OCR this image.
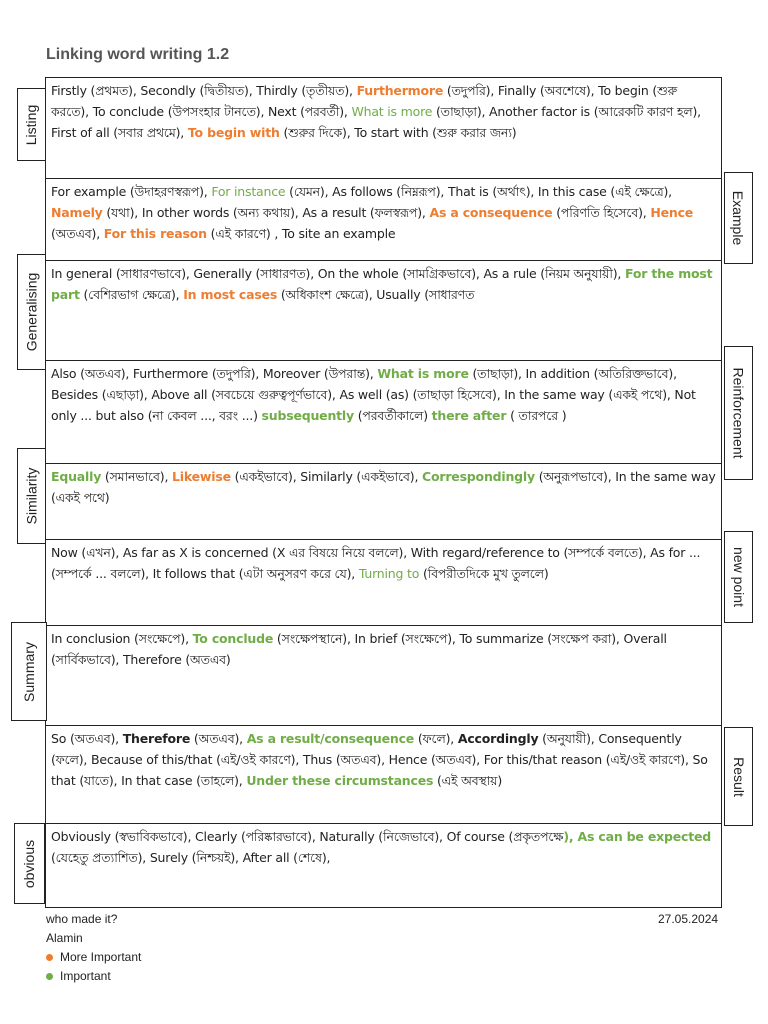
Linking word writing 1.2
Firstly (প্রথমত), Secondly (দ্বিতীয়ত), Thirdly (তৃতীয়ত), Furthermore (তদুপরি), Finally (অবশেষে), To begin (শুরু করতে), To conclude (উপসংহার টানতে), Next (পরবর্তী), What is more (তাছাড়া), Another factor is (আরেকটি কারণ হল), First of all (সবার প্রথমে), To begin with (শুরুর দিকে), To start with (শুরু করার জন্য)
For example (উদাহরণস্বরূপ), For instance (যেমন), As follows (নিম্নরূপ), That is (অর্থাৎ), In this case (এই ক্ষেত্রে), Namely (যথা), In other words (অন্য কথায়), As a result (ফলস্বরূপ), As a consequence (পরিণতি হিসেবে), Hence (অতএব), For this reason (এই কারণে) , To site an example
In general (সাধারণভাবে), Generally (সাধারণত), On the whole (সামগ্রিকভাবে), As a rule (নিয়ম অনুযায়ী), For the most part (বেশিরভাগ ক্ষেত্রে), In most cases (অধিকাংশ ক্ষেত্রে), Usually (সাধারণত
Also (অতএব), Furthermore (তদুপরি), Moreover (উপরান্ত), What is more (তাছাড়া), In addition (অতিরিক্তভাবে), Besides (এছাড়া), Above all (সবচেয়ে গুরুত্বপূর্ণভাবে), As well (as) (তাছাড়া হিসেবে), In the same way (একই পথে), Not only ... but also (না কেবল ..., বরং ...) subsequently (পরবর্তীকালে) there after ( তারপরে )
Equally (সমানভাবে), Likewise (একইভাবে), Similarly (একইভাবে), Correspondingly (অনুরূপভাবে), In the same way (একই পথে)
Now (এখন), As far as X is concerned (X এর বিষয়ে নিয়ে বললে), With regard/reference to (সম্পর্কে বলতে), As for ... (সম্পর্কে ... বললে), It follows that (এটা অনুসরণ করে যে), Turning to (বিপরীতদিকে মুখ তুললে)
In conclusion (সংক্ষেপে), To conclude (সংক্ষেপস্থানে), In brief (সংক্ষেপে), To summarize (সংক্ষেপ করা), Overall (সার্বিকভাবে), Therefore (অতএব)
So (অতএব), Therefore (অতএব), As a result/consequence (ফলে), Accordingly (অনুযায়ী), Consequently (ফলে), Because of this/that (এই/ওই কারণে), Thus (অতএব), Hence (অতএব), For this/that reason (এই/ওই কারণে), So that (যাতে), In that case (তাহলে), Under these circumstances (এই অবস্থায়)
Obviously (স্বভাবিকভাবে), Clearly (পরিষ্কারভাবে), Naturally (নিজেভাবে), Of course (প্রকৃতপক্ষে), As can be expected (যেহেতু প্রত্যাশিত), Surely (নিশ্চয়ই), After all (শেষে),
Listing
Example
Generalising
Reinforcement
Similarity
new point
Summary
Result
obvious
who made it?
Alamin
27.05.2024
More Important
Important
